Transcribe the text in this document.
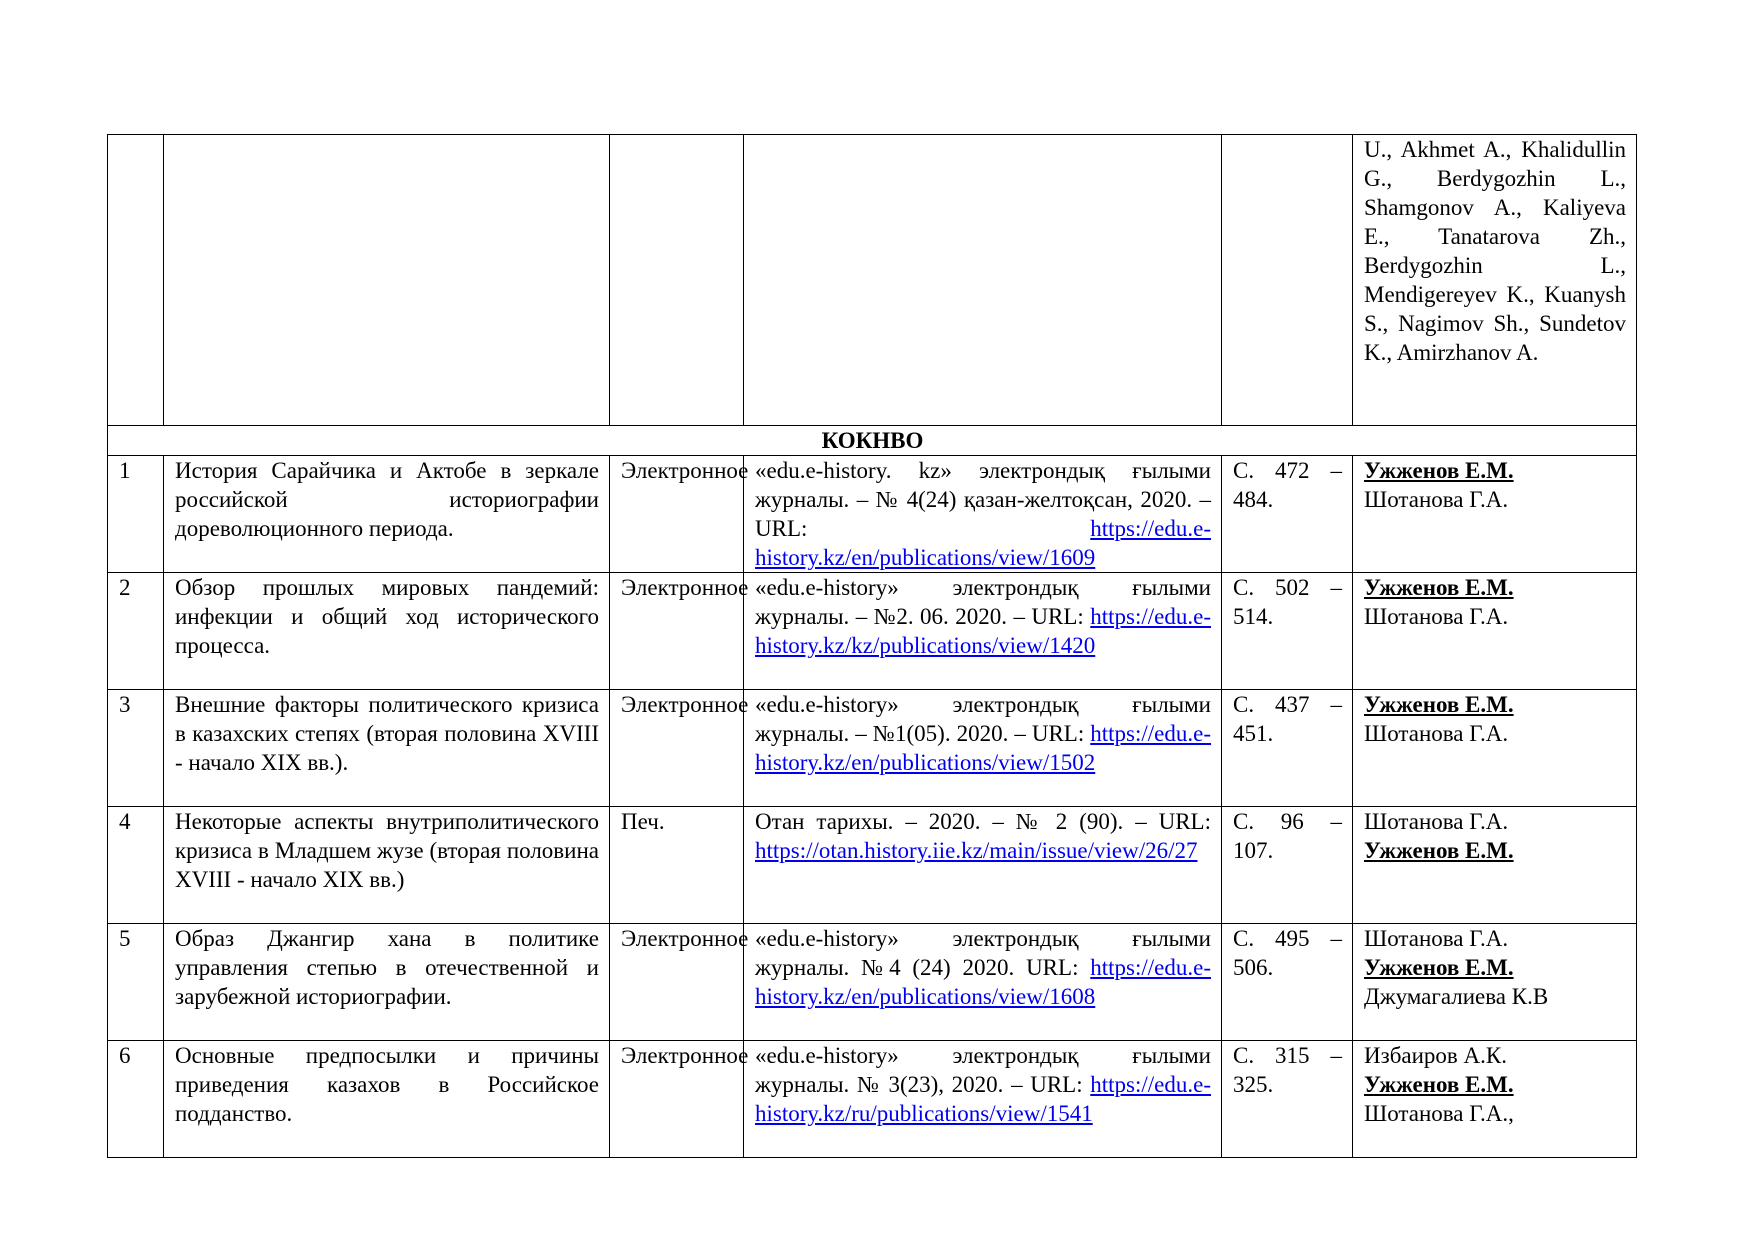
					U., Akhmet A., Khalidullin G., Berdygozhin L., Shamgonov A., Kaliyeva E., Tanatarova Zh., Berdygozhin L., Mendigereyev K., Kuanysh S., Nagimov Sh., Sundetov K., Amirzhanov A.
КОКНВО					
1	История Сарайчика и Актобе в зеркале российской историографии дореволюционного периода.	Электронное	«edu.e-history. kz» электрондық ғылыми журналы. – № 4(24) қазан-желтоқсан, 2020. – URL: https://edu.e-history.kz/en/publications/view/1609	С. 472 – 484.	Ужженов Е.М.
Шотанова Г.А.

2	Обзор прошлых мировых пандемий: инфекции и общий ход исторического процесса.	Электронное	«edu.e-history» электрондық ғылыми журналы. – №2. 06. 2020. – URL: https://edu.e-history.kz/kz/publications/view/1420	С. 502 – 514.	Ужженов Е.М.
Шотанова Г.А.

3	Внешние факторы политического кризиса в казахских степях (вторая половина XVIII - начало XIX вв.).	Электронное	«edu.e-history» электрондық ғылыми журналы. – №1(05). 2020. – URL: https://edu.e-history.kz/en/publications/view/1502	С. 437 – 451.	Ужженов Е.М.
Шотанова Г.А.

4	Некоторые аспекты внутриполитического кризиса в Младшем жузе (вторая половина XVIII - начало XIX вв.)	Печ.	Отан тарихы. – 2020. – № 2 (90). – URL: https://otan.history.iie.kz/main/issue/view/26/27	С. 96 – 107.	Шотанова Г.А.
Ужженов Е.М.

5	Образ Джангир хана в политике управления степью в отечественной и зарубежной историографии.	Электронное	«edu.e-history» электрондық ғылыми журналы. №4 (24) 2020. URL: https://edu.e-history.kz/en/publications/view/1608	С. 495 – 506.	Шотанова Г.А.
Ужженов Е.М.
Джумагалиева К.В

6	Основные предпосылки и причины приведения казахов в Российское подданство.	Электронное	«edu.e-history» электрондық ғылыми журналы. № 3(23), 2020. – URL: https://edu.e-history.kz/ru/publications/view/1541	С. 315 – 325.	Избаиров А.К.
Ужженов Е.М.
Шотанова Г.А.,
